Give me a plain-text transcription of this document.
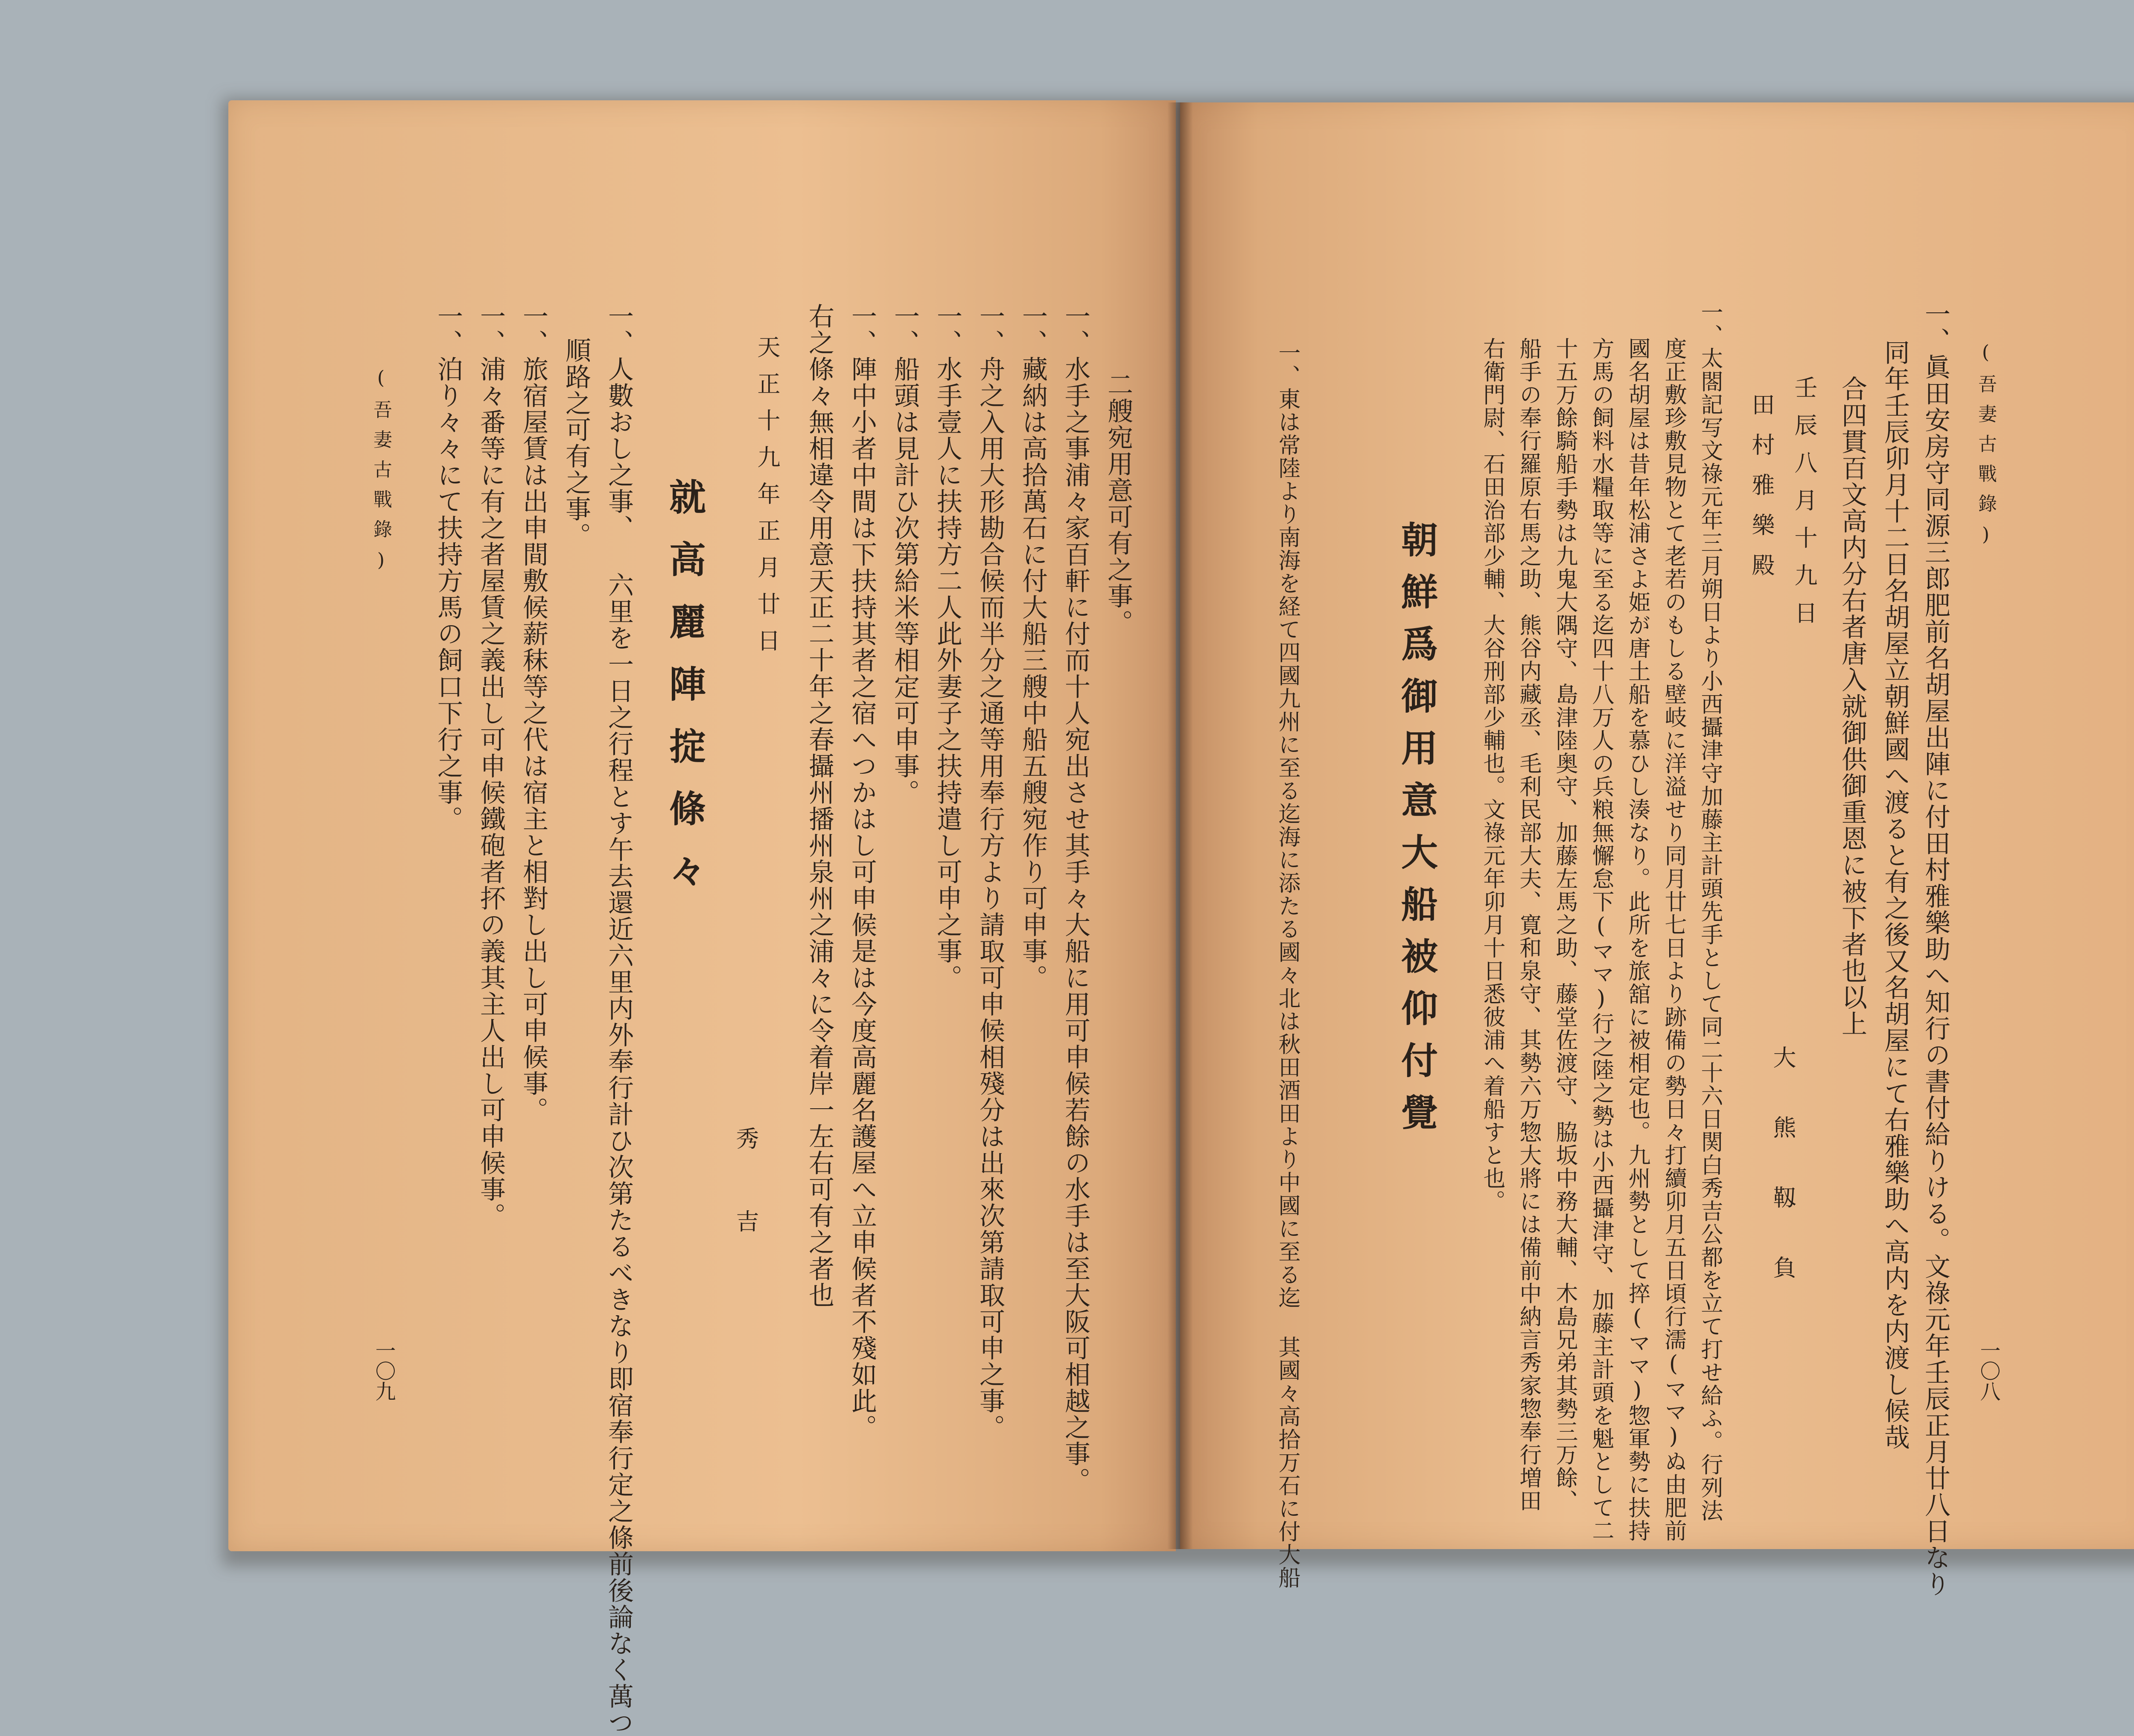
(吾妻古戰錄)
一、眞田安房守同源三郎肥前名胡屋出陣に付田村雅樂助へ知行の書付給りける。文祿元年壬辰正月廿八日なり
同年壬辰卯月十二日名胡屋立朝鮮國へ渡ると有之後又名胡屋にて右雅樂助へ高内を内渡し候哉
合四貫百文高内分右者唐入就御供御重恩に被下者也以上
壬辰八月十九日
大熊靱負
田村雅樂殿
一、太閤記写文祿元年三月朔日より小西攝津守加藤主計頭先手として同二十六日関白秀吉公都を立て打せ給ふ。行列法
度正敷珍敷見物とて老若のもしる壁岐に洋溢せり同月廿七日より跡備の勢日々打續卯月五日頃行濡(ママ)ぬ由肥前
國名胡屋は昔年松浦さよ姫が唐土船を慕ひし湊なり。此所を旅舘に被相定也。九州勢として捽(ママ)惣軍勢に扶持
方馬の飼料水糧取等に至る迄四十八万人の兵粮無懈怠下(ママ)行之陸之勢は小西攝津守、加藤主計頭を魁として二
十五万餘騎船手勢は九鬼大隅守、島津陸奥守、加藤左馬之助、藤堂佐渡守、脇坂中務大輔、木島兄弟其勢三万餘、
船手の奉行羅原右馬之助、熊谷内藏丞、毛利民部大夫、寛和泉守、其勢六万惣大將には備前中納言秀家惣奉行増田
右衛門尉、石田治部少輔、大谷刑部少輔也。文祿元年卯月十日悉彼浦へ着船すと也。
朝鮮爲御用意大船被仰付覺
一、東は常陸より南海を経て四國九州に至る迄海に添たる國々北は秋田酒田より中國に至る迄 其國々高拾万石に付大船	一〇八
二艘宛用意可有之事。
一、水手之事浦々家百軒に付而十人宛出させ其手々大船に用可申候若餘の水手は至大阪可相越之事。
一、藏納は高拾萬石に付大船三艘中船五艘宛作り可申事。
一、舟之入用大形勘合候而半分之通等用奉行方より請取可申候相殘分は出來次第請取可申之事。
一、水手壹人に扶持方二人此外妻子之扶持遣し可申之事。
一、船頭は見計ひ次第給米等相定可申事。
一、陣中小者中間は下扶持其者之宿へつかはし可申候是は今度高麗名護屋へ立申候者不殘如此。
右之條々無相違令用意天正二十年之春攝州播州泉州之浦々に令着岸一左右可有之者也
天正十九年正月廿日
秀吉
就高麗陣掟條々
一、人數おし之事、 六里を一日之行程とす午去還近六里内外奉行計ひ次第たるべきなり即宿奉行定之條前後論なく萬つ
順路之可有之事。
一、旅宿屋賃は出申間敷候薪秣等之代は宿主と相對し出し可申候事。
一、浦々番等に有之者屋賃之義出し可申候鐵砲者抔の義其主人出し可申候事。
一、泊り々々にて扶持方馬の飼口下行之事。
(吾妻古戰錄)
一〇九
